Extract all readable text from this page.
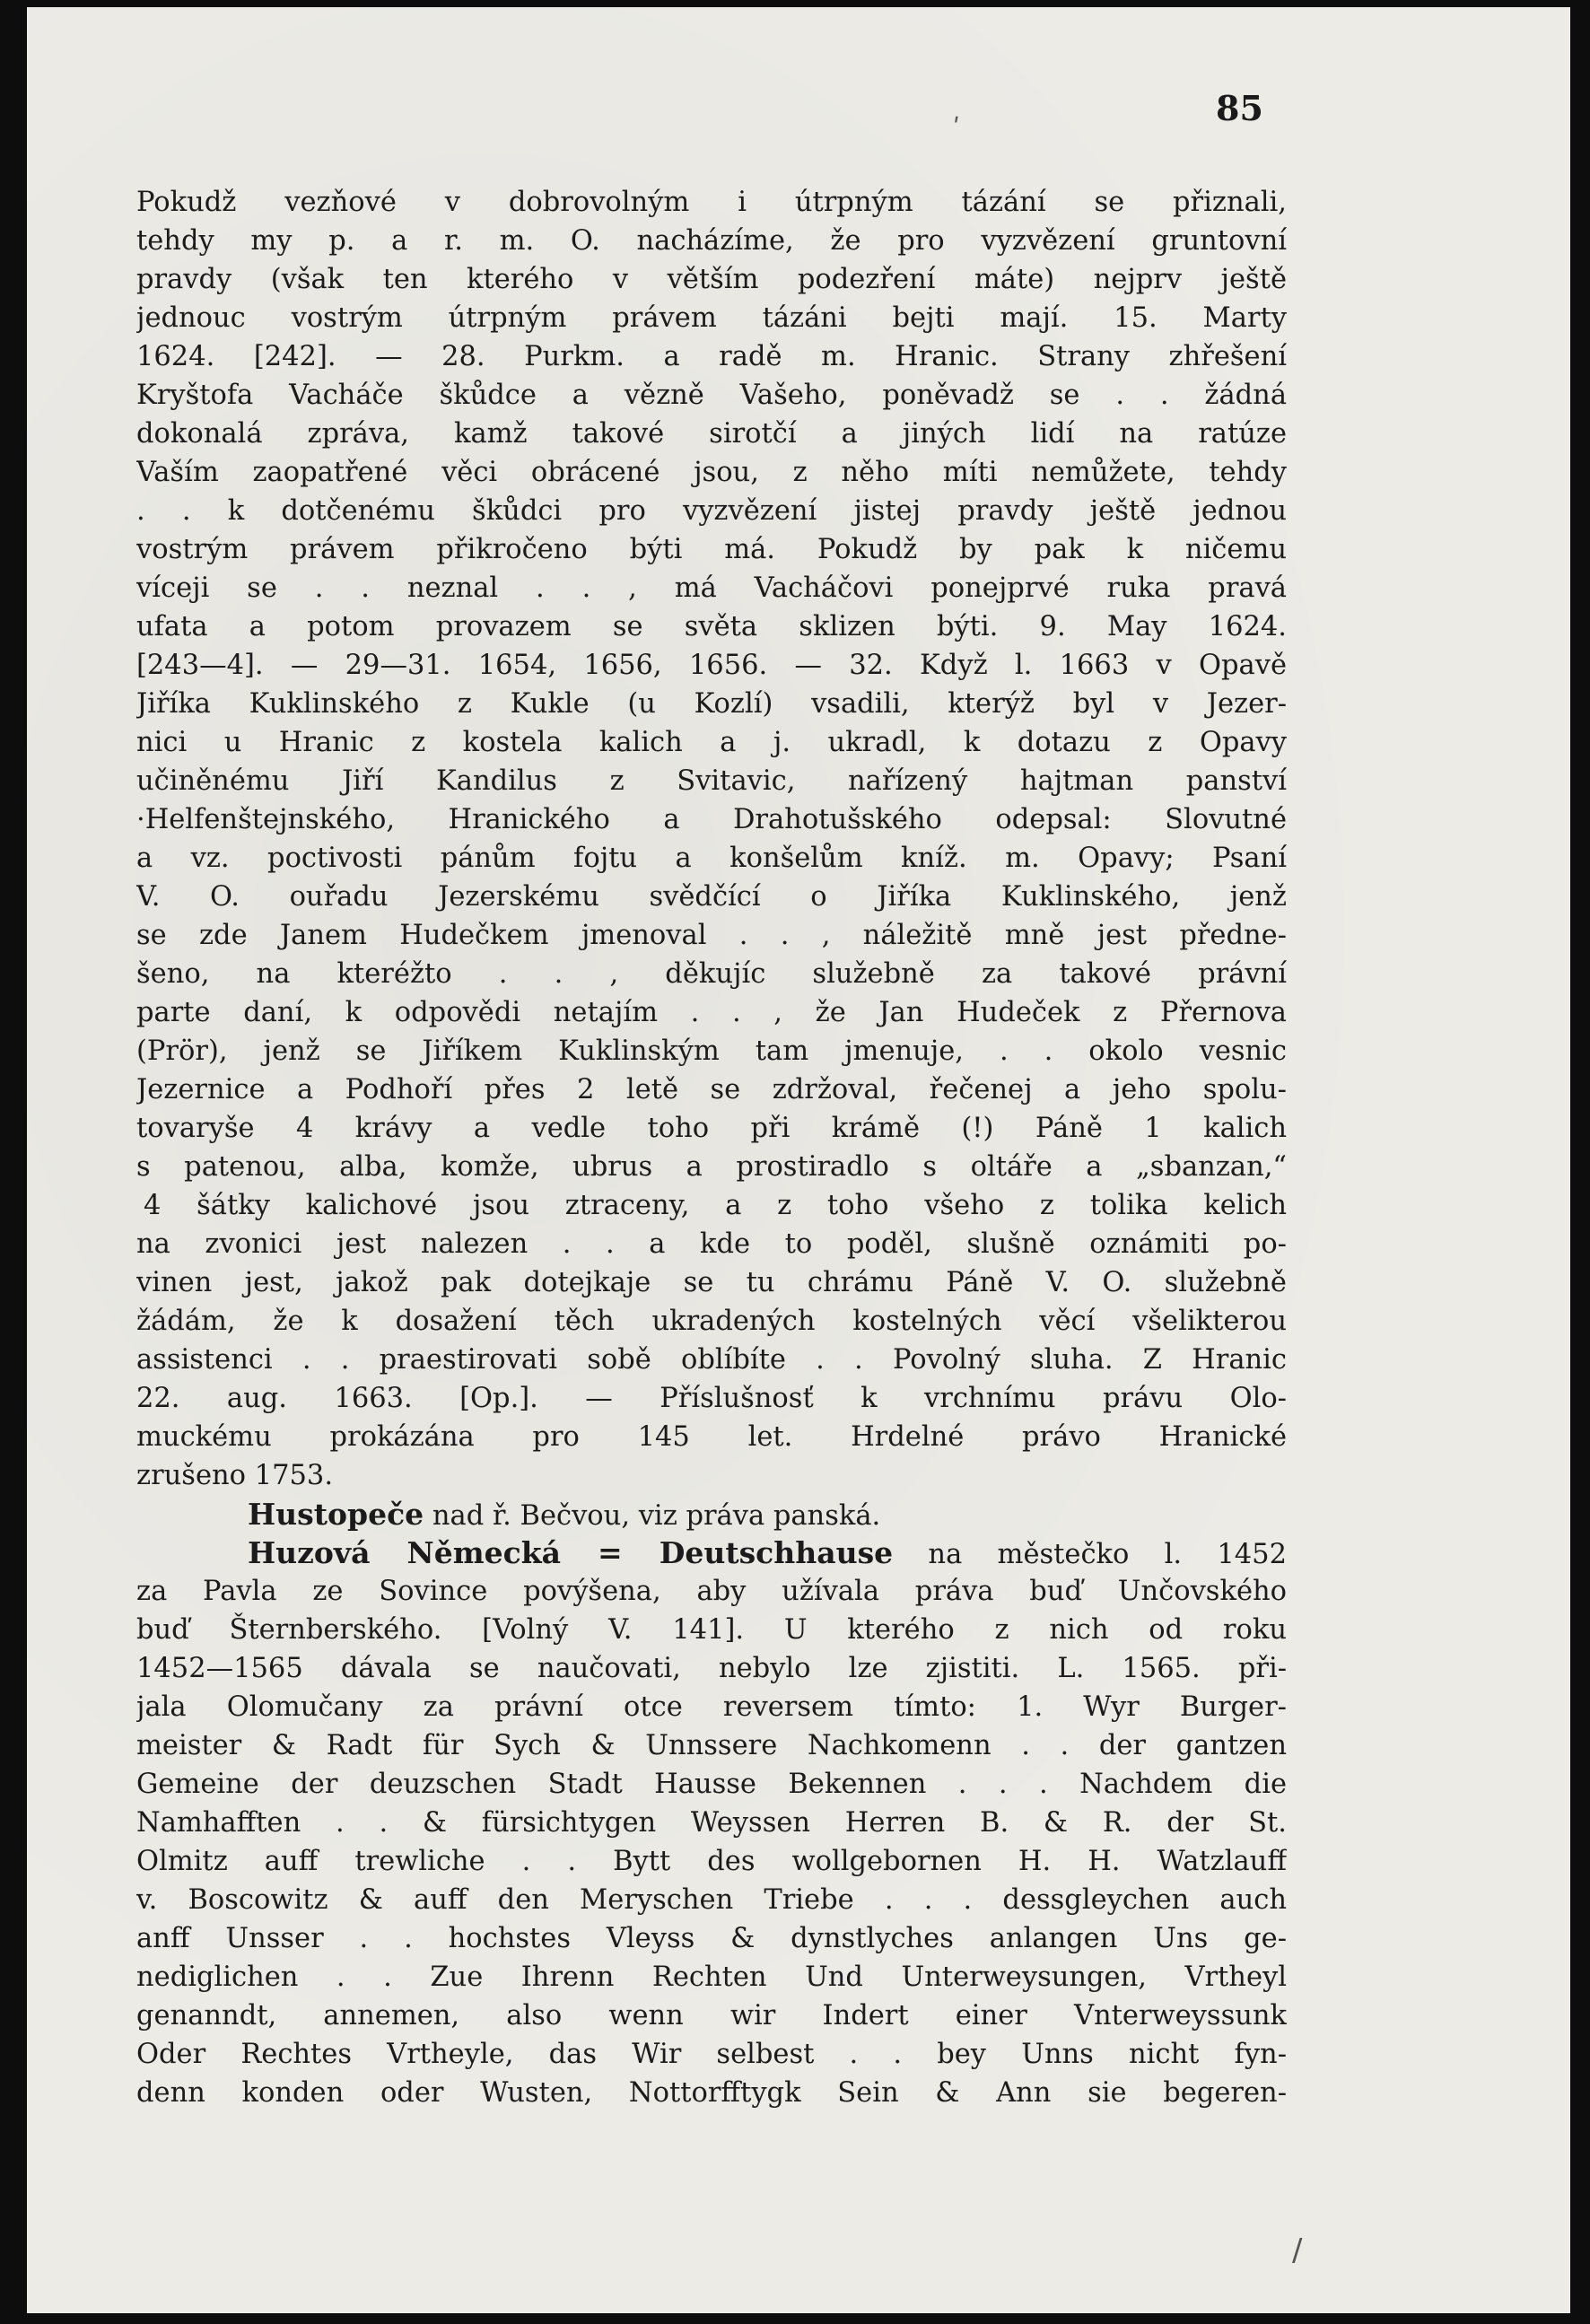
ʹ
/
85
Pokudž vezňové v dobrovolným i útrpným tázání se přiznali,
tehdy my p. a r. m. O. nacházíme, že pro vyzvězení gruntovní
pravdy (však ten kterého v větším podezření máte) nejprv ještě
jednouc vostrým útrpným právem tázáni bejti mají. 15. Marty
1624. [242]. — 28. Purkm. a radě m. Hranic. Strany zhřešení
Kryštofa Vacháče škůdce a vězně Vašeho, poněvadž se . . žádná
dokonalá zpráva, kamž takové sirotčí a jiných lidí na ratúze
Vaším zaopatřené věci obrácené jsou, z něho míti nemůžete, tehdy
. . k dotčenému škůdci pro vyzvězení jistej pravdy ještě jednou
vostrým právem přikročeno býti má. Pokudž by pak k ničemu
víceji se . . neznal . . , má Vacháčovi ponejprvé ruka pravá
ufata a potom provazem se světa sklizen býti. 9. May 1624.
[243—4]. — 29—31. 1654, 1656, 1656. — 32. Když l. 1663 v Opavě
Jiříka Kuklinského z Kukle (u Kozlí) vsadili, kterýž byl v Jezer-
nici u Hranic z kostela kalich a j. ukradl, k dotazu z Opavy
učiněnému Jiří Kandilus z Svitavic, nařízený hajtman panství
·Helfenštejnského, Hranického a Drahotušského odepsal: Slovutné
a vz. poctivosti pánům fojtu a konšelům kníž. m. Opavy; Psaní
V. O. ouřadu Jezerskému svědčící o Jiříka Kuklinského, jenž
se zde Janem Hudečkem jmenoval . . , náležitě mně jest předne-
šeno, na kteréžto . . , děkujíc služebně za takové právní
parte daní, k odpovědi netajím . . , že Jan Hudeček z Přernova
(Prör), jenž se Jiříkem Kuklinským tam jmenuje, . . okolo vesnic
Jezernice a Podhoří přes 2 letě se zdržoval, řečenej a jeho spolu-
tovaryše 4 krávy a vedle toho při krámě (!) Páně 1 kalich
s patenou, alba, komže, ubrus a prostiradlo s oltáře a „sbanzan,“
4 šátky kalichové jsou ztraceny, a z toho všeho z tolika kelich
na zvonici jest nalezen . . a kde to poděl, slušně oznámiti po-
vinen jest, jakož pak dotejkaje se tu chrámu Páně V. O. služebně
žádám, že k dosažení těch ukradených kostelných věcí všelikterou
assistenci . . praestirovati sobě oblíbíte . . Povolný sluha. Z Hranic
22. aug. 1663. [Op.]. — Příslušnosť k vrchnímu právu Olo-
muckému prokázána pro 145 let. Hrdelné právo Hranické
zrušeno 1753.
Hustopeče nad ř. Bečvou, viz práva panská.
Huzová Německá = Deutschhause na městečko l. 1452
za Pavla ze Sovince povýšena, aby užívala práva buď Unčovského
buď Šternberského. [Volný V. 141]. U kterého z nich od roku
1452—1565 dávala se naučovati, nebylo lze zjistiti. L. 1565. při-
jala Olomučany za právní otce reversem tímto: 1. Wyr Burger-
meister & Radt für Sych & Unnssere Nachkomenn . . der gantzen
Gemeine der deuzschen Stadt Hausse Bekennen . . . Nachdem die
Namhafften . . & fürsichtygen Weyssen Herren B. & R. der St.
Olmitz auff trewliche . . Bytt des wollgebornen H. H. Watzlauff
v. Boscowitz & auff den Meryschen Triebe . . . dessgleychen auch
anff Unsser . . hochstes Vleyss & dynstlyches anlangen Uns ge-
nediglichen . . Zue Ihrenn Rechten Und Unterweysungen, Vrtheyl
genanndt, annemen, also wenn wir Indert einer Vnterweyssunk
Oder Rechtes Vrtheyle, das Wir selbest . . bey Unns nicht fyn-
denn konden oder Wusten, Nottorfftygk Sein & Ann sie begeren-
